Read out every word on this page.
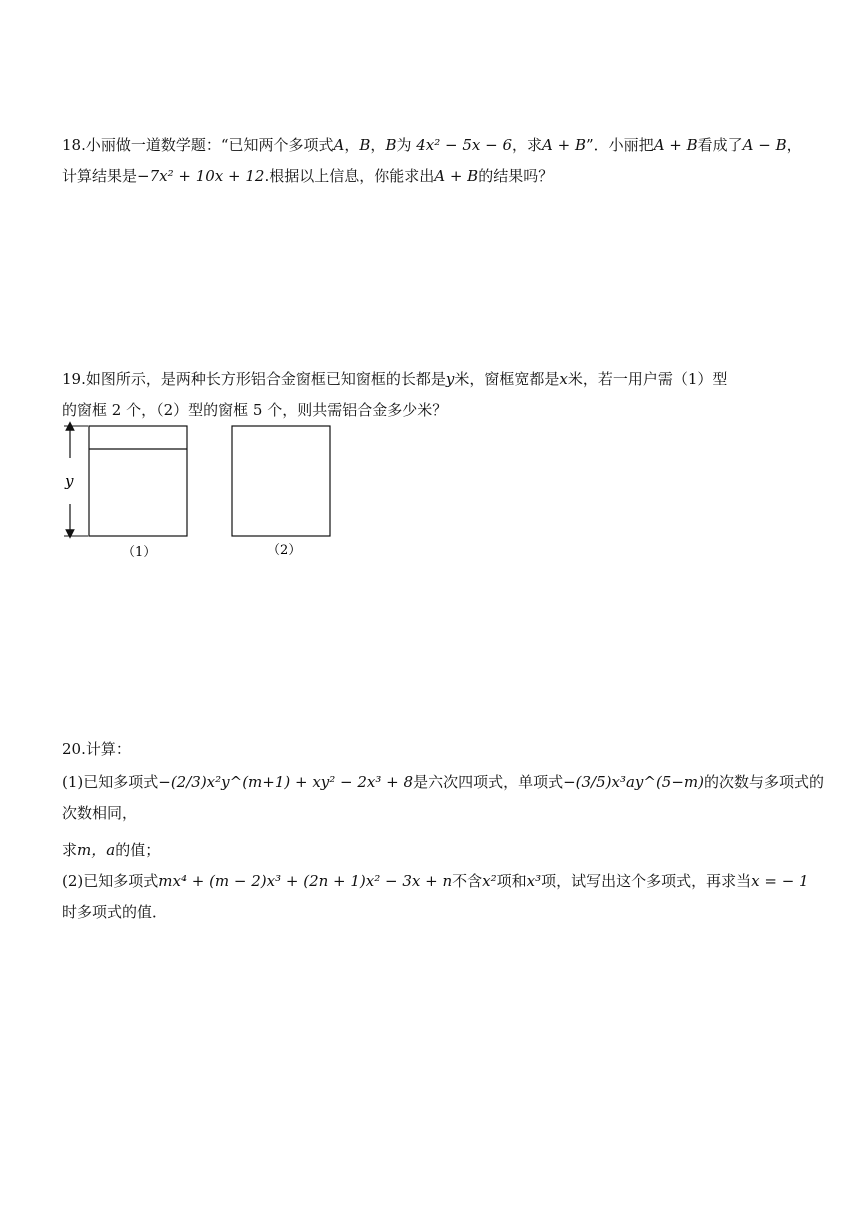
18.小丽做一道数学题：“已知两个多项式A，B，B为 4x² − 5x − 6，求A + B”．小丽把A + B看成了A − B，
计算结果是−7x² + 10x + 12.根据以上信息，你能求出A + B的结果吗？
19.如图所示，是两种长方形铝合金窗框已知窗框的长都是y米，窗框宽都是x米，若一用户需（1）型
的窗框 2 个，（2）型的窗框 5 个，则共需铝合金多少米？
y
（1）	（2）
20.计算：
(1)已知多项式−(2/3)x²y^(m+1) + xy² − 2x³ + 8是六次四项式，单项式−(3/5)x³ay^(5−m)的次数与多项式的次数相同，
求m，a的值；
(2)已知多项式mx⁴ + (m − 2)x³ + (2n + 1)x² − 3x + n不含x²项和x³项，试写出这个多项式，再求当x = − 1
时多项式的值．
